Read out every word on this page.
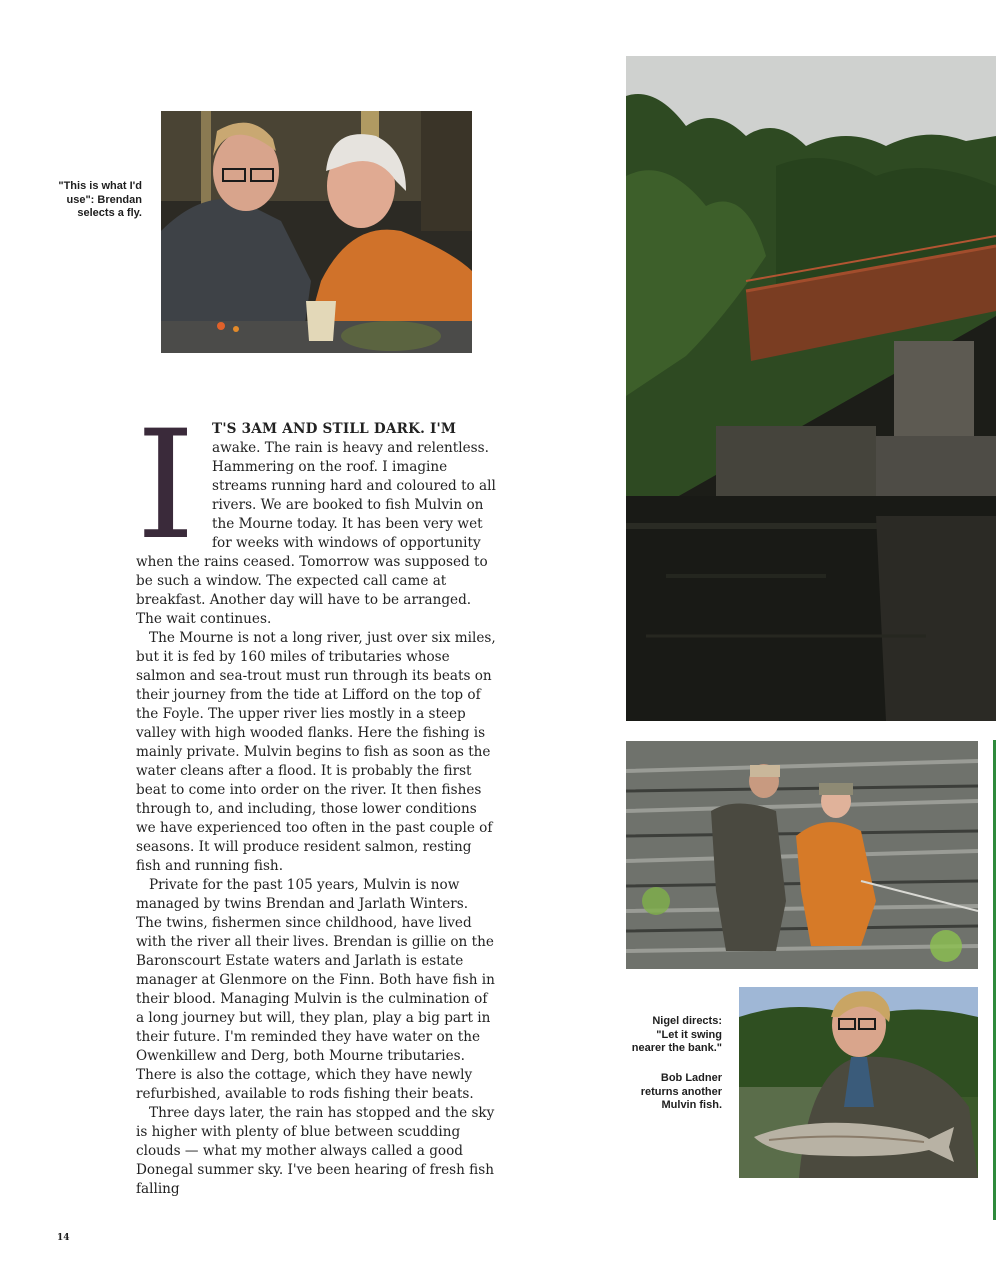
"This is what I'd
use": Brendan
selects a fly.

Nigel directs:
"Let it swing
nearer the bank."

Bob Ladner
returns another
Mulvin fish.

I	T'S 3AM AND STILL DARK. I'M awake. The rain is heavy and relentless. Hammering on the roof. I imagine streams running hard and coloured to all rivers. We are booked to fish Mulvin on the Mourne today. It has been very wet for weeks with windows of opportunity when the rains ceased. Tomorrow was supposed to be such a window. The expected call came at breakfast. Another day will have to be arranged. The wait continues.

The Mourne is not a long river, just over six miles, but it is fed by 160 miles of tributaries whose salmon and sea-trout must run through its beats on their journey from the tide at Lifford on the top of the Foyle. The upper river lies mostly in a steep valley with high wooded flanks. Here the fishing is mainly private. Mulvin begins to fish as soon as the water cleans after a flood. It is probably the first beat to come into order on the river. It then fishes through to, and including, those lower conditions we have experienced too often in the past couple of seasons. It will produce resident salmon, resting fish and running fish.

Private for the past 105 years, Mulvin is now managed by twins Brendan and Jarlath Winters. The twins, fishermen since childhood, have lived with the river all their lives. Brendan is gillie on the Baronscourt Estate waters and Jarlath is estate manager at Glenmore on the Finn. Both have fish in their blood. Managing Mulvin is the culmination of a long journey but will, they plan, play a big part in their future. I'm reminded they have water on the Owenkillew and Derg, both Mourne tributaries. There is also the cottage, which they have newly refurbished, available to rods fishing their beats.

Three days later, the rain has stopped and the sky is higher with plenty of blue between scudding clouds — what my mother always called a good Donegal summer sky. I've been hearing of fresh fish falling

14
